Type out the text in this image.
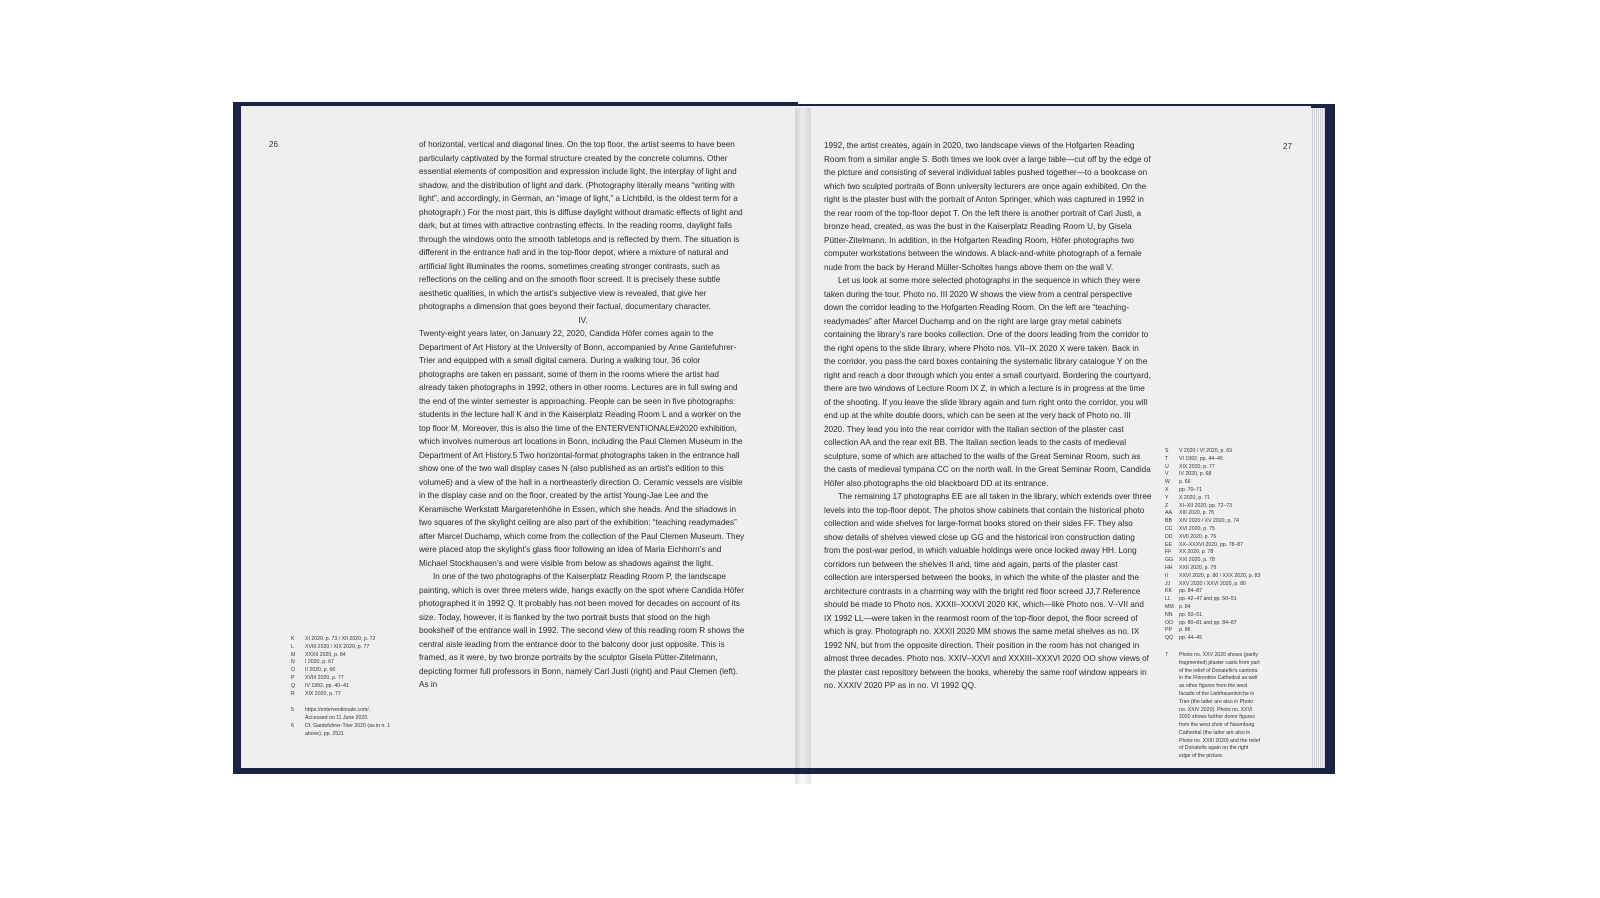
26	of horizontal, vertical and diagonal lines. On the top floor, the artist seems to have been particularly captivated by the formal structure created by the concrete columns. Other essential elements of composition and expression include light, the interplay of light and shadow, and the distribution of light and dark. (Photography literally means “writing with light”, and accordingly, in German, an “image of light,” a Lichtbild, is the oldest term for a photograph.) For the most part, this is diffuse daylight without dramatic effects of light and dark, but at times with attractive contrasting effects. In the reading rooms, daylight falls through the windows onto the smooth tabletops and is reflected by them. The situation is different in the entrance hall and in the top-floor depot, where a mixture of natural and artificial light illuminates the rooms, sometimes creating stronger contrasts, such as reflections on the ceiling and on the smooth floor screed. It is precisely these subtle aesthetic qualities, in which the artist’s subjective view is revealed, that give her photographs a dimension that goes beyond their factual, documentary character.

IV.

Twenty-eight years later, on January 22, 2020, Candida Höfer comes again to the Department of Art History at the University of Bonn, accompanied by Anne Gantefuhrer-Trier and equipped with a small digital camera. During a walking tour, 36 color photographs are taken en passant, some of them in the rooms where the artist had already taken photographs in 1992, others in other rooms. Lectures are in full swing and the end of the winter semester is approaching. People can be seen in five photographs: students in the lecture hall K and in the Kaiserplatz Reading Room L and a worker on the top floor M. Moreover, this is also the time of the ENTERVENTIONALE#2020 exhibition, which involves numerous art locations in Bonn, including the Paul Clemen Museum in the Department of Art History.5 Two horizontal-format photographs taken in the entrance hall show one of the two wall display cases N (also published as an artist’s edition to this volume6) and a view of the hall in a northeasterly direction O. Ceramic vessels are visible in the display case and on the floor, created by the artist Young-Jae Lee and the Keramische Werkstatt Margaretenhöhe in Essen, which she heads. And the shadows in two squares of the skylight ceiling are also part of the exhibition: “teaching readymades” after Marcel Duchamp, which come from the collection of the Paul Clemen Museum. They were placed atop the skylight’s glass floor following an idea of Maria Eichhorn’s and Michael Stockhausen’s and were visible from below as shadows against the light.

In one of the two photographs of the Kaiserplatz Reading Room P, the landscape painting, which is over three meters wide, hangs exactly on the spot where Candida Höfer photographed it in 1992 Q. It probably has not been moved for decades on account of its size. Today, however, it is flanked by the two portrait busts that stood on the high bookshelf of the entrance wall in 1992. The second view of this reading room R shows the central aisle leading from the entrance door to the balcony door just opposite. This is framed, as it were, by two bronze portraits by the sculptor Gisela Pütter-Zitelmann, depicting former full professors in Bonn, namely Carl Justi (right) and Paul Clemen (left). As in

K	XI 2020, p. 73 / XII 2020, p. 72
L	XVIII 2020 / XIX 2020, p. 77
M	XXXII 2020, p. 84
N	I 2020, p. 67
O	II 2020, p. 66
P	XVIII 2020, p. 77
Q	IV 1992, pp. 40–41
R	XIX 2020, p. 77
5	https://enterventionale.com/. Accessed on 11 June 2020.
6	Cf. Gantefuhrer-Trier 2020 (as in n. 1 above), pp. 2521
27

1992, the artist creates, again in 2020, two landscape views of the Hofgarten Reading Room from a similar angle S. Both times we look over a large table—cut off by the edge of the picture and consisting of several individual tables pushed together—to a bookcase on which two sculpted portraits of Bonn university lecturers are once again exhibited. On the right is the plaster bust with the portrait of Anton Springer, which was captured in 1992 in the rear room of the top-floor depot T. On the left there is another portrait of Carl Justi, a bronze head, created, as was the bust in the Kaiserplatz Reading Room U, by Gisela Pütter-Zitelmann. In addition, in the Hofgarten Reading Room, Höfer photographs two computer workstations between the windows. A black-and-white photograph of a female nude from the back by Herand Müller-Scholtes hangs above them on the wall V.

Let us look at some more selected photographs in the sequence in which they were taken during the tour. Photo no. III 2020 W shows the view from a central perspective down the corridor leading to the Hofgarten Reading Room. On the left are “teaching-readymades” after Marcel Duchamp and on the right are large gray metal cabinets containing the library’s rare books collection. One of the doors leading from the corridor to the right opens to the slide library, where Photo nos. VII–IX 2020 X were taken. Back in the corridor, you pass the card boxes containing the systematic library catalogue Y on the right and reach a door through which you enter a small courtyard. Bordering the courtyard, there are two windows of Lecture Room IX Z, in which a lecture is in progress at the time of the shooting. If you leave the slide library again and turn right onto the corridor, you will end up at the white double doors, which can be seen at the very back of Photo no. III 2020. They lead you into the rear corridor with the Italian section of the plaster cast collection AA and the rear exit BB. The Italian section leads to the casts of medieval sculpture, some of which are attached to the walls of the Great Seminar Room, such as the casts of medieval tympana CC on the north wall. In the Great Seminar Room, Candida Höfer also photographs the old blackboard DD at its entrance.

The remaining 17 photographs EE are all taken in the library, which extends over three levels into the top-floor depot. The photos show cabinets that contain the historical photo collection and wide shelves for large-format books stored on their sides FF. They also show details of shelves viewed close up GG and the historical iron construction dating from the post-war period, in which valuable holdings were once locked away HH. Long corridors run between the shelves II and, time and again, parts of the plaster cast collection are interspersed between the books, in which the white of the plaster and the architecture contrasts in a charming way with the bright red floor screed JJ,7 Reference should be made to Photo nos. XXXII–XXXVI 2020 KK, which—like Photo nos. V–VII and IX 1992 LL—were taken in the rearmost room of the top-floor depot, the floor screed of which is gray. Photograph no. XXXII 2020 MM shows the same metal shelves as no. IX 1992 NN, but from the opposite direction. Their position in the room has not changed in almost three decades. Photo nos. XXIV–XXVI and XXXIII–XXXVI 2020 OO show views of the plaster cast repository between the books, whereby the same roof window appears in no. XXXIV 2020 PP as in no. VI 1992 QQ.

S	V 2020 / VI 2020, p. 69
T	VI 1992, pp. 44–45
U	XIX 2020, p. 77
V	IV 2020, p. 68
W	p. 66
X	pp. 70–71
Y	X 2020, p. 71
Z	XI–XII 2020, pp. 72–73
AA	XIII 2020, p. 75
BB	XIV 2020 / XV 2020, p. 74
CC	XVI 2020, p. 75
DD	XVII 2020, p. 76
EE	XX–XXXVI 2020, pp. 78–87
FF	XX 2020, p. 78
GG	XXI 2020, p. 78
HH	XXII 2020, p. 79
II	XXVI 2020, p. 80 / XXX 2020, p. 83
JJ	XXV 2020 / XXVI 2020, p. 80
KK	pp. 84–87
LL	pp. 42–47 and pp. 50–51
MM	p. 84
NN	pp. 50–51
OO	pp. 80–81 and pp. 84–87
PP	p. 86
QQ	pp. 44–45
7	Photo no. XXV 2020 shows (partly fragmented) plaster casts from part of the relief of Donatello’s cantoria in the Florentine Cathedral as well as other figures from the west facade of the Liebfrauenkirche in Trier (the latter are also in Photo no. XXIV 2020). Photo no. XXVI 2020 shows further donor figures from the west choir of Naumburg Cathedral (the latter are also in Photo no. XXIII 2020) and the relief of Donatello again on the right edge of the picture.
